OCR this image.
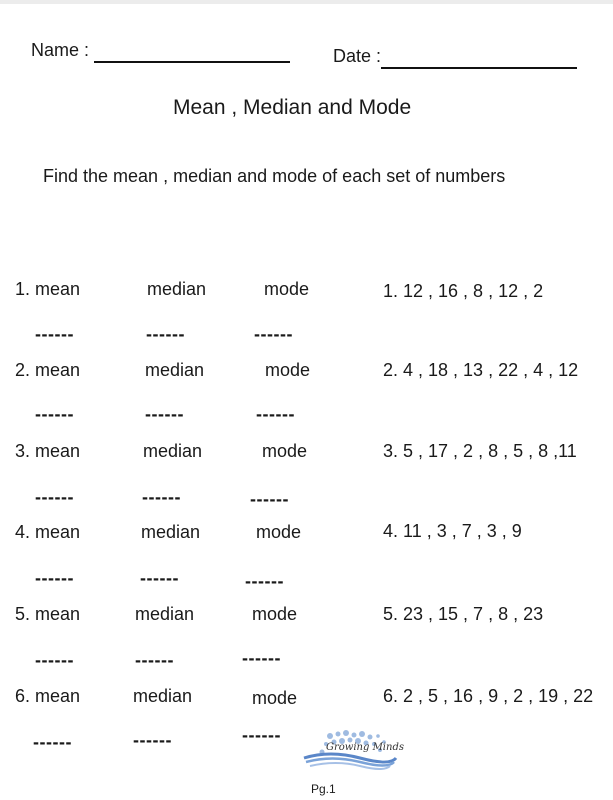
Name :	Date :
Mean , Median and Mode
Find the mean , median and mode of each set of numbers
1. mean	median	mode	1. 12 , 16 , 8 , 12 , 2
------	------	------
2. mean	median	mode	2. 4 , 18 , 13 , 22 , 4 , 12
------	------	------
3. mean	median	mode	3. 5 , 17 , 2 , 8 , 5 , 8 ,11
------	------	------
4. mean	median	mode	4. 11 , 3 , 7 , 3 , 9
------	------	------
5. mean	median	mode	5. 23 , 15 , 7 , 8 , 23
------	------	------
6. mean	median	mode	6. 2 , 5 , 16 , 9 , 2 , 19 , 22
------	------	------
Growing Minds
Pg.1
